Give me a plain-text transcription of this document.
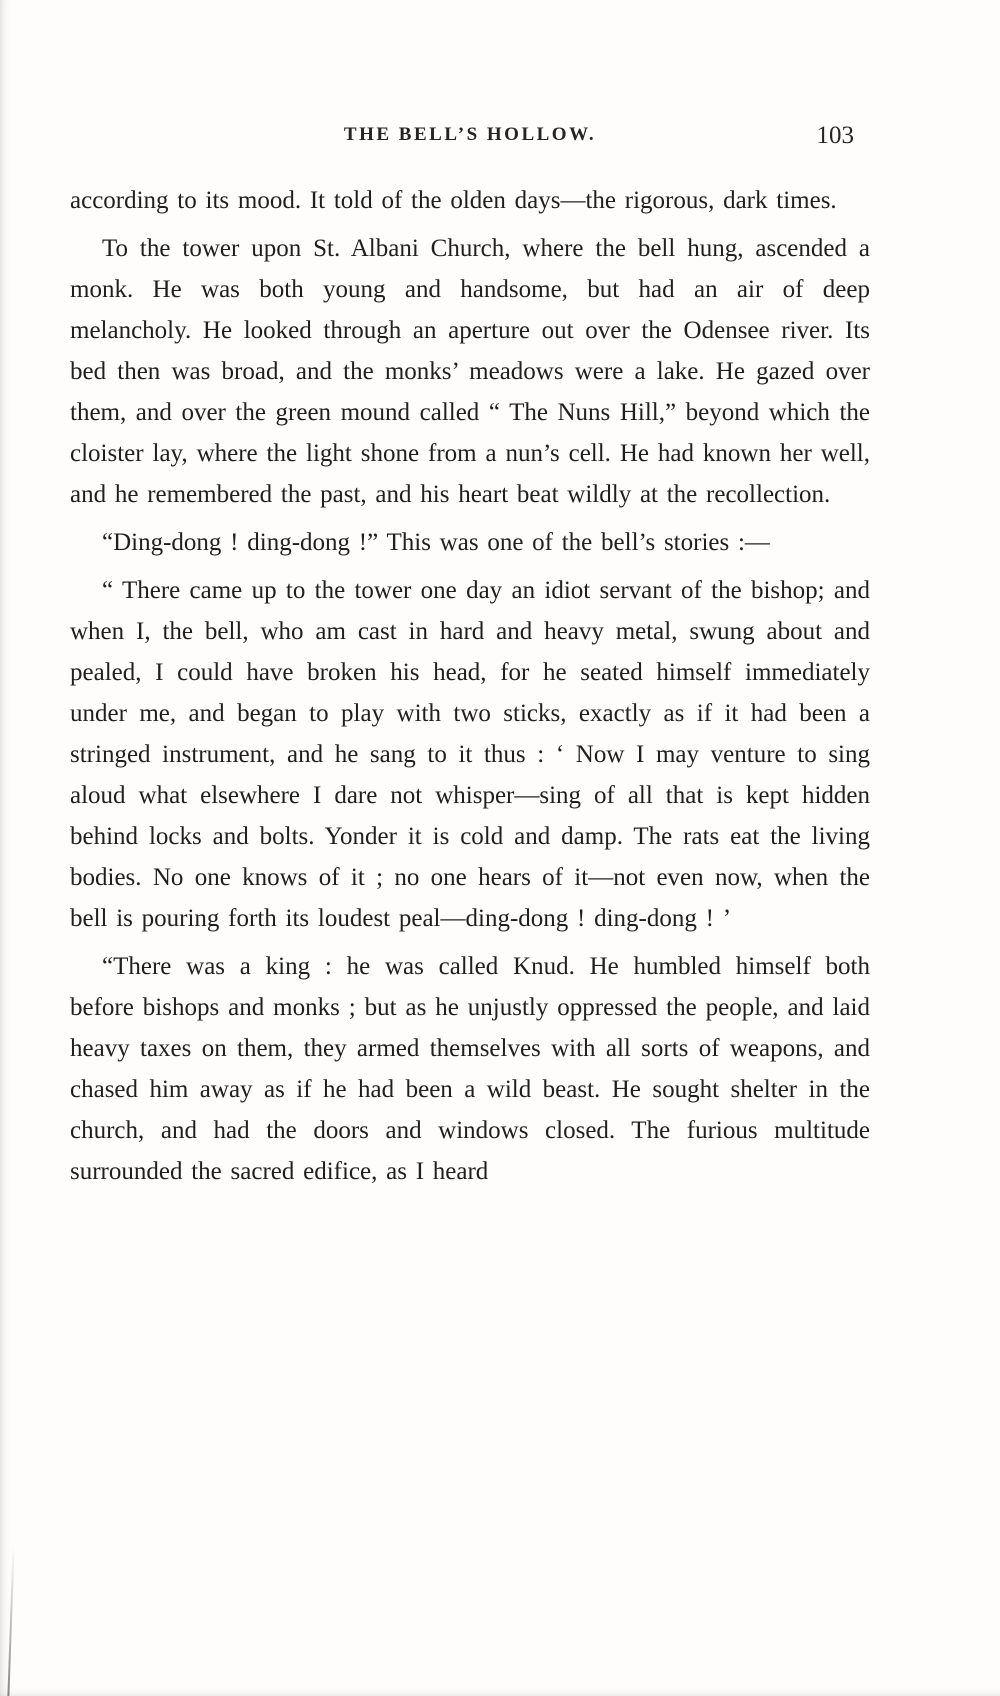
THE BELL’S HOLLOW.	103

according to its mood. It told of the olden days—the rigorous, dark times.

To the tower upon St. Albani Church, where the bell hung, ascended a monk. He was both young and handsome, but had an air of deep melancholy. He looked through an aperture out over the Odensee river. Its bed then was broad, and the monks’ meadows were a lake. He gazed over them, and over the green mound called “ The Nuns Hill,” beyond which the cloister lay, where the light shone from a nun’s cell. He had known her well, and he remembered the past, and his heart beat wildly at the recollection.

“Ding-dong ! ding-dong !” This was one of the bell’s stories :—

“ There came up to the tower one day an idiot servant of the bishop; and when I, the bell, who am cast in hard and heavy metal, swung about and pealed, I could have broken his head, for he seated himself immediately under me, and began to play with two sticks, exactly as if it had been a stringed instrument, and he sang to it thus : ‘ Now I may venture to sing aloud what elsewhere I dare not whisper—sing of all that is kept hidden behind locks and bolts. Yonder it is cold and damp. The rats eat the living bodies. No one knows of it ; no one hears of it—not even now, when the bell is pouring forth its loudest peal—ding-dong ! ding-dong ! ’

“There was a king : he was called Knud. He humbled himself both before bishops and monks ; but as he unjustly oppressed the people, and laid heavy taxes on them, they armed themselves with all sorts of weapons, and chased him away as if he had been a wild beast. He sought shelter in the church, and had the doors and windows closed. The furious multitude surrounded the sacred edifice, as I heard
